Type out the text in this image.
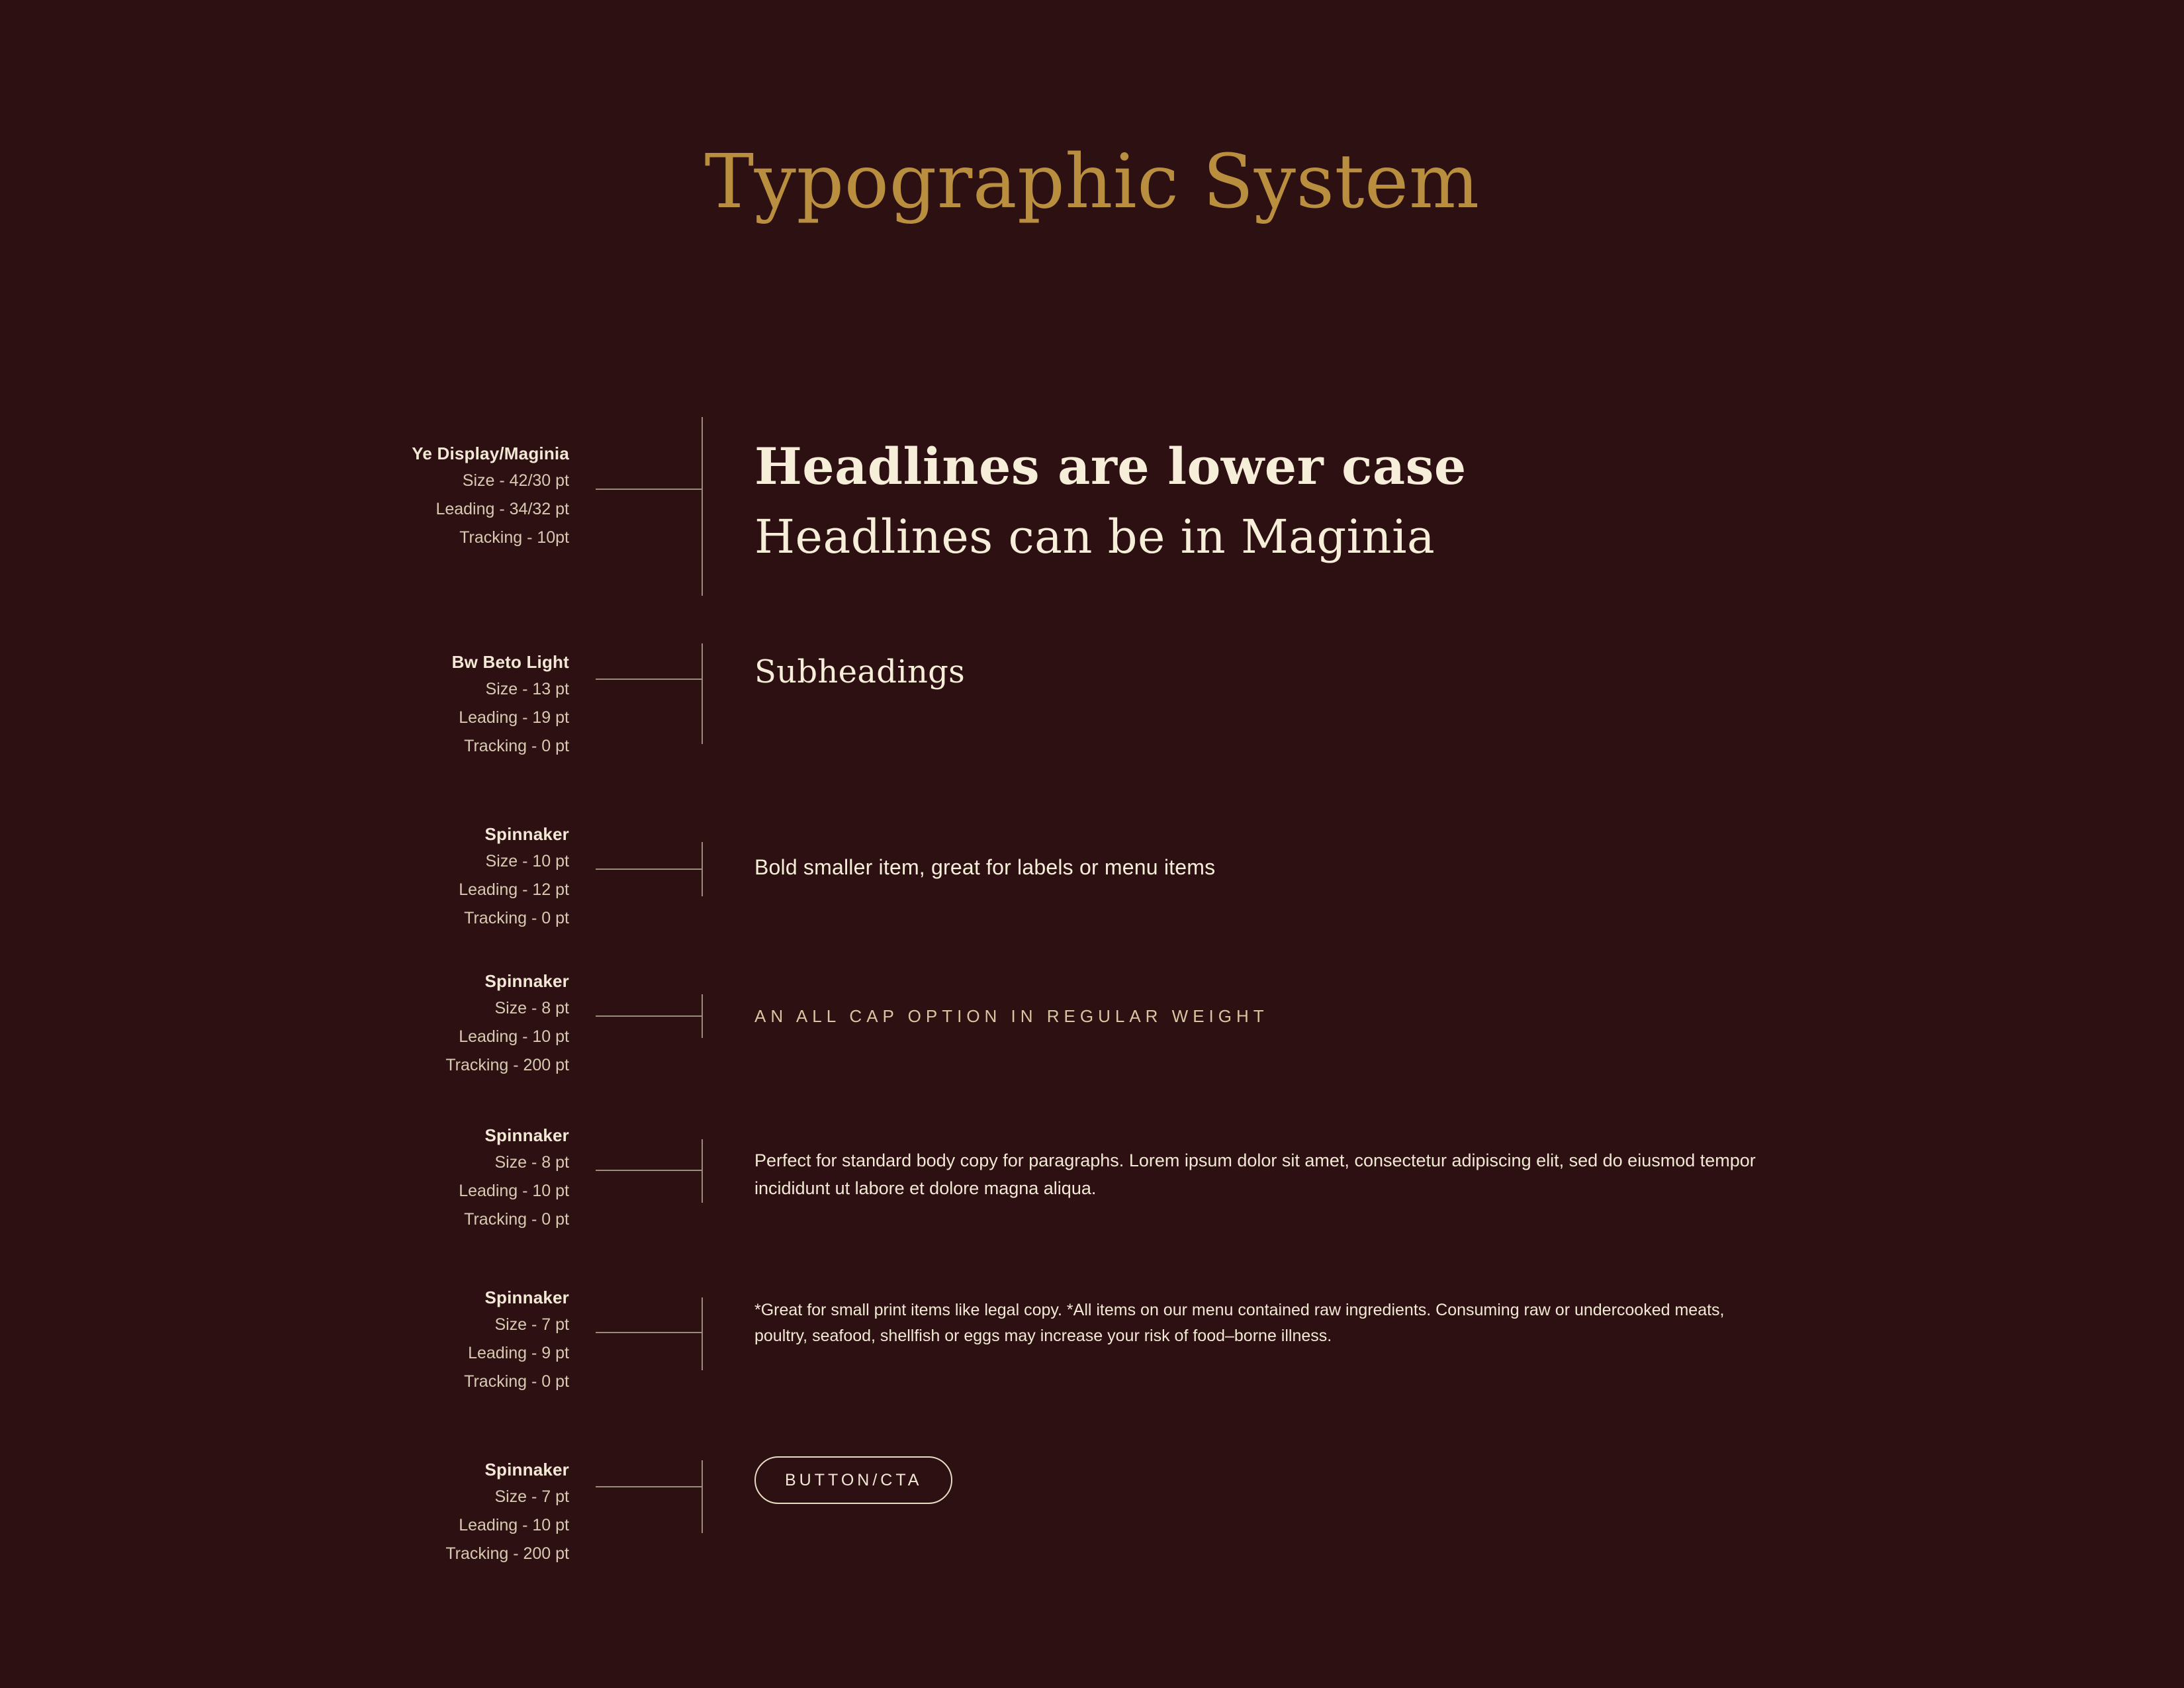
Typographic System
Ye Display/Maginia
Size - 42/30 pt
Leading - 34/32 pt
Tracking - 10pt
Headlines are lower case
Headlines can be in Maginia
Bw Beto Light
Size - 13 pt
Leading - 19 pt
Tracking - 0 pt
Subheadings
Spinnaker
Size - 10 pt
Leading - 12 pt
Tracking - 0 pt
Bold smaller item, great for labels or menu items
Spinnaker
Size - 8 pt
Leading - 10 pt
Tracking - 200 pt
AN ALL CAP OPTION IN REGULAR WEIGHT
Spinnaker
Size - 8 pt
Leading - 10 pt
Tracking - 0 pt
Perfect for standard body copy for paragraphs. Lorem ipsum dolor sit amet, consectetur adipiscing elit, sed do eiusmod tempor incididunt ut labore et dolore magna aliqua.
Spinnaker
Size - 7 pt
Leading - 9 pt
Tracking - 0 pt
*Great for small print items like legal copy. *All items on our menu contained raw ingredients. Consuming raw or undercooked meats, poultry, seafood, shellfish or eggs may increase your risk of food–borne illness.
Spinnaker
Size - 7 pt
Leading - 10 pt
Tracking - 200 pt
BUTTON/CTA
